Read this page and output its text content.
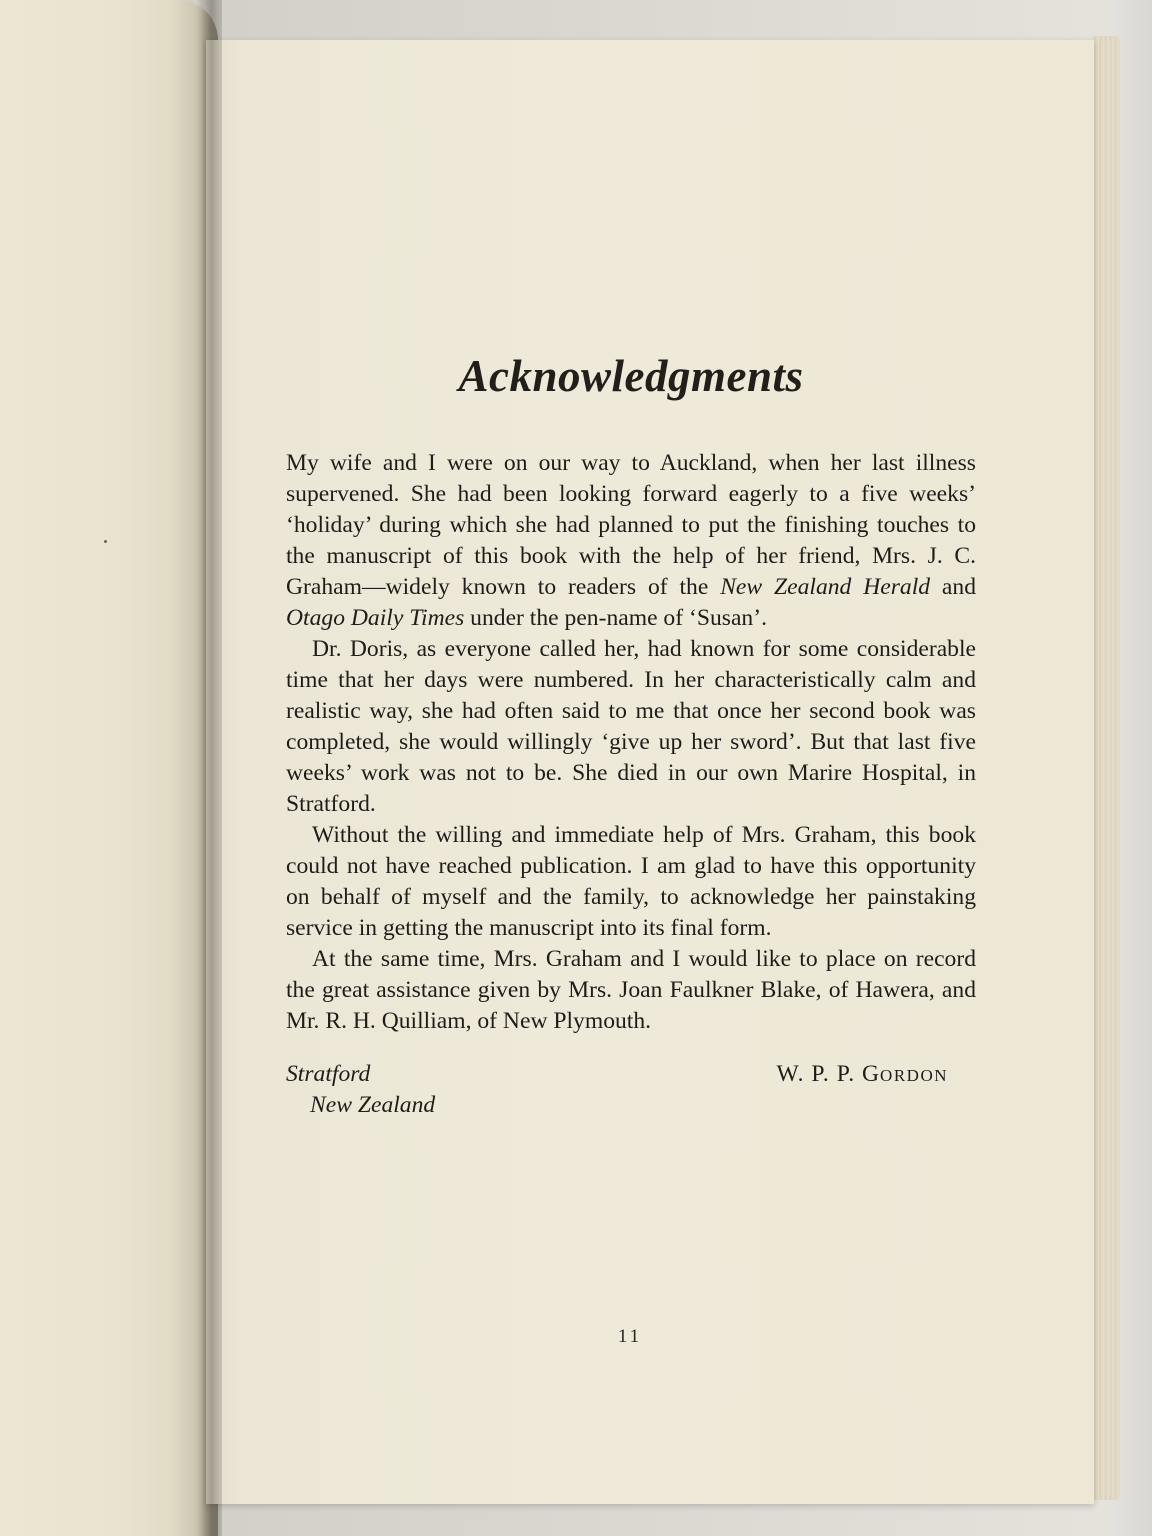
Acknowledgments

My wife and I were on our way to Auckland, when her last illness supervened. She had been looking forward eagerly to a five weeks’ ‘holiday’ during which she had planned to put the finishing touches to the manuscript of this book with the help of her friend, Mrs. J. C. Graham—widely known to readers of the New Zealand Herald and Otago Daily Times under the pen-name of ‘Susan’.

Dr. Doris, as everyone called her, had known for some considerable time that her days were numbered. In her characteristically calm and realistic way, she had often said to me that once her second book was completed, she would willingly ‘give up her sword’. But that last five weeks’ work was not to be. She died in our own Marire Hospital, in Stratford.

Without the willing and immediate help of Mrs. Graham, this book could not have reached publication. I am glad to have this opportunity on behalf of myself and the family, to acknowledge her painstaking service in getting the manuscript into its final form.

At the same time, Mrs. Graham and I would like to place on record the great assistance given by Mrs. Joan Faulkner Blake, of Hawera, and Mr. R. H. Quilliam, of New Plymouth.

Stratford
New Zealand
W. P. P. GORDON
11
